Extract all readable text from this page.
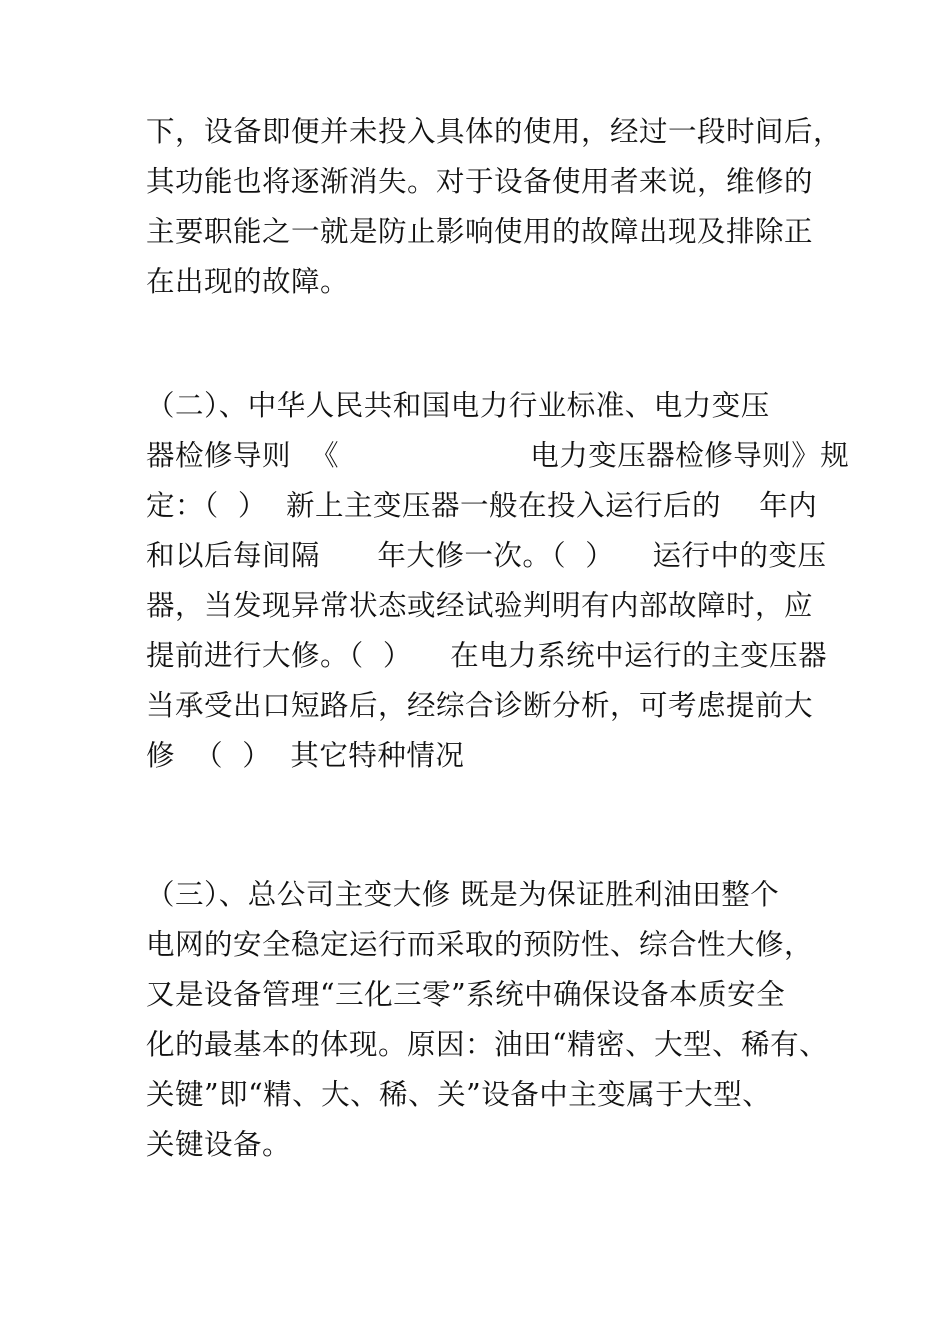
下，设备即便并未投入具体的使用，经过一段时间后，
其功能也将逐渐消失。对于设备使用者来说，维修的
主要职能之一就是防止影响使用的故障出现及排除正
在出现的故障。

（二）、中华人民共和国电力行业标准、电力变压
器检修导则  《                    电力变压器检修导则》规
定：（  ）  新上主变压器一般在投入运行后的    年内
和以后每间隔      年大修一次。（  ）    运行中的变压
器，当发现异常状态或经试验判明有内部故障时，应
提前进行大修。（  ）    在电力系统中运行的主变压器
当承受出口短路后，经综合诊断分析，可考虑提前大
修  （  ）  其它特种情况

（三）、总公司主变大修 既是为保证胜利油田整个
电网的安全稳定运行而采取的预防性、综合性大修，
又是设备管理“三化三零”系统中确保设备本质安全
化的最基本的体现。原因：油田“精密、大型、稀有、
关键”即“精、大、稀、关”设备中主变属于大型、
关键设备。
